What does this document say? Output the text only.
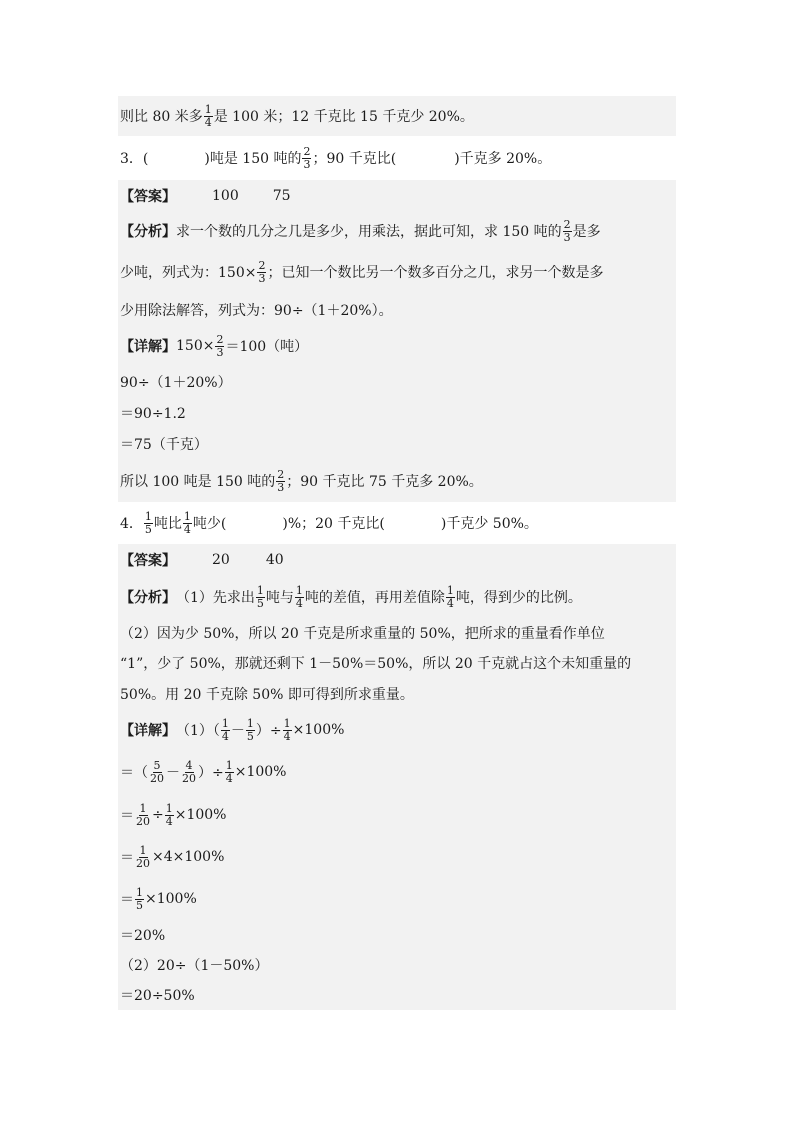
则比 80 米多 $\frac{1}{4}$ 是 100 米；12 千克比 15 千克少 20%。
3．(	)吨是 150 吨的 $\frac{2}{3}$ ；90 千克比(	)千克多 20%。
【答案】	100 75
【分析】 求一个数的几分之几是多少，用乘法，据此可知，求 150 吨的 $\frac{2}{3}$ 是多
少吨，列式为：$150\times \frac{2}{3}$ ；已知一个数比另一个数多百分之几，求另一个数是多
少用除法解答，列式为：90÷（1＋20%）。
【详解】 $150\times \frac{2}{3} =100$（吨）
90÷（1＋20%）
＝90÷1.2
＝75（千克）
所以 100 吨是 150 吨的 $\frac{2}{3}$ ；90 千克比 75 千克多 20%。
4． $\frac{1}{5}$ 吨比 $\frac{1}{4}$ 吨少(	)%；20 千克比(	)千克少 50%。
【答案】	20	40
【分析】 （1）先求出 $\frac{1}{5}$ 吨与 $\frac{1}{4}$ 吨的差值，再用差值除 $\frac{1}{4}$ 吨，得到少的比例。
（2）因为少 50%，所以 20 千克是所求重量的 50%，把所求的重量看作单位
“1”，少了 50%，那就还剩下 1－50%＝50%，所以 20 千克就占这个未知重量的
50%。用 20 千克除 50% 即可得到所求重量。
【详解】 $(1)( \frac{1}{4} - \frac{1}{5}$ ）÷ $\frac{1}{4} \times 100\%$
＝（ $\frac{5}{20} - \frac{4}{20}$ ）÷ $\frac{1}{4} \times 100\%$
＝ $\frac{1}{20} \div \frac{1}{4} \times 100\%$
＝ $\frac{1}{20} \times 4\times 100\%$
＝ $\frac{1}{5} \times 100\%$
＝20%
（2）20÷（1－50%）
＝20÷50%
